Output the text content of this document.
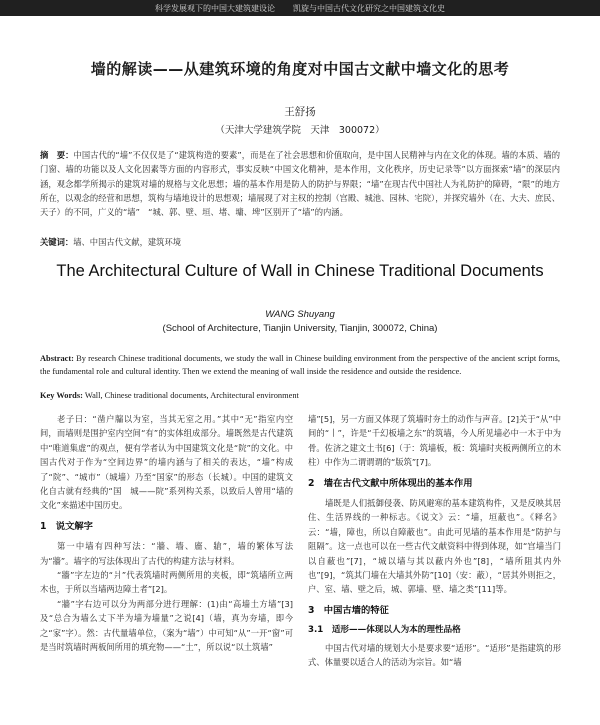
科学发展观下的中国大建筑建设论 凯旋与中国古代文化研究之中国建筑文化史
墙的解读——从建筑环境的角度对中国古文献中墙文化的思考
王舒扬
（天津大学建筑学院　天津　300072）
摘　要：中国古代的“墙”不仅仅是了“建筑构造的要素”，而是在了社会思想和价值取向，是中国人民精神与内在文化的体现。墙的本质、墙的门窗、墙的功能以及人文化因素等方面的内容形式，事实反映“中国文化精神，是本作用，文化秩序，历史记录等”以方面探索“墙”的深层内涵，观念都学所揭示的建筑对墙的规格与文化思想；墙的基本作用是防人的防护与界限；“墙”在现古代中国社人为礼防护的障碍，“限”的地方所在，以观念的经营和思想，筑构与墙地设计的思想观；墙展现了对主权的控制（宫殿、城池、园林、宅院），并探究墙外（在、大夫、庶民、天子）的不同，广义的“墙”　“城、郭、壁、垣、堵、墉、埤”区别开了“墙”的内涵。
关键词：墙、中国古代文献，建筑环境
The Architectural Culture of Wall in Chinese Traditional Documents
WANG Shuyang
(School of Architecture, Tianjin University, Tianjin, 300072, China)
Abstract: By research Chinese traditional documents, we study the wall in Chinese building environment from the perspective of the ancient script forms, the fundamental role and cultural identity. Then we extend the meaning of wall inside the residence and outside the residence.
Key Words: Wall, Chinese traditional documents, Architectural environment

老子曰：“凿户牖以为室，当其无室之用。”其中“无”指室内空间，而墙则是围护室内空间“有”的实体组成部分。墙既然是古代建筑中“唯道集虚”的观点，便有学者认为中国建筑文化是“院”的文化。中国古代对于作为“空间边界”的墙内涵与了相关的表达，“墙”构成了“院”、“城市”（城墙）乃至“国家”的形态（长城）。中国的建筑文化自古就有经典的“国　城——院”系列构关系，以致后人曾用“墙的文化”来描述中国历史。

1　说文解字

第一中墙有四种写法：“牆、墻、廧、牄”，墙的繁体写法为“牆”。墙字的写法体现出了古代的构建方法与材料。

“牆”字左边的“爿”代表筑墙时两侧所用的夹板，即“筑墙所立两木也，于所以当墙两边障土者”[2]。

“牆”字右边可以分为两部分进行理解：(1)由“高墙土方墙”[3]及“总合为墙么丈下半为墙为墙量”之说[4]（墙，真为夯墙，即今之“家”字）。然：古代量墙单位，（案为“墙”）中可知“从”一开“窗”可是当时筑墙时两板间所用的填充物——“土”，所以说“以土筑墙”

墙”[5]，另一方面又体现了筑墙时夯土的动作与声音。[2]关于“从”中间的“丨”，许是“千幻板墙之东”的筑墙，今人所见墙必中一木于中为骨。佐济之建文土书[6]（于：筑墙板，板：筑墙时夹板两侧所立的木柱）中作为二谓谓谓的“版筑”[7]。

2　墙在古代文献中所体现出的基本作用

墙既是人们抵御侵袭、防风避寒的基本建筑构件，又是反映其居住、生活界线的一种标志。《说文》云：“墙，垣蔽也”。《释名》云：“墙，障也，所以自障蔽也”。由此可见墙的基本作用是“防护与阻隔”。这一点也可以在一些古代文献资料中得到体现，如“宫墙当门以自蔽也”[7]，“城以墙与其以蔽内外也”[8]，“墙所阻其内外也”[9]，“筑其门墙在大墙其外防”[10]（安：蔽），“居其外则拒之，户、室、墙、壁之后，城、郭墙、壁、墙之类”[11]等。

3　中国古墙的特征
3.1　适形——体现以人为本的理性品格

中国古代对墙的规划大小是要求要“适形”。“适形”是指建筑的形式、体量要以适合人的活动为宗旨。如“墙
